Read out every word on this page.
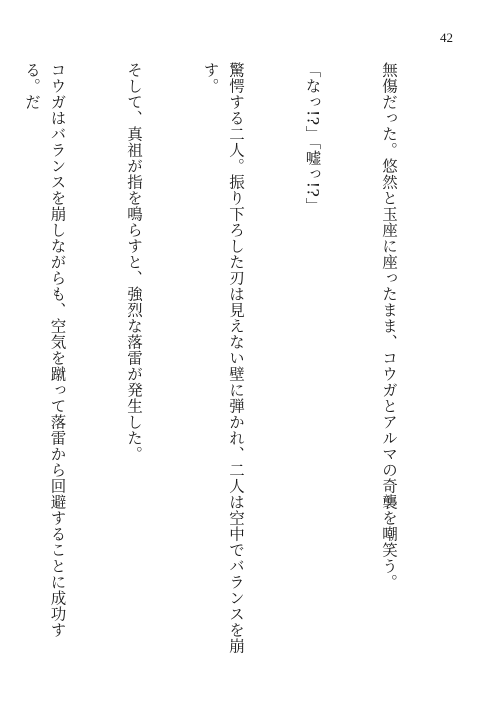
42

無傷だった。悠然と玉座に座ったまま、コウガとアルマの奇襲を嘲笑う。

「なっ!?」「嘘っ!?」

驚愕する二人。振り下ろした刃は見えない壁に弾かれ、二人は空中でバランスを崩す。

そして、真祖が指を鳴らすと、強烈な落雷が発生した。

コウガはバランスを崩しながらも、空気を蹴って落雷から回避することに成功する。だ
